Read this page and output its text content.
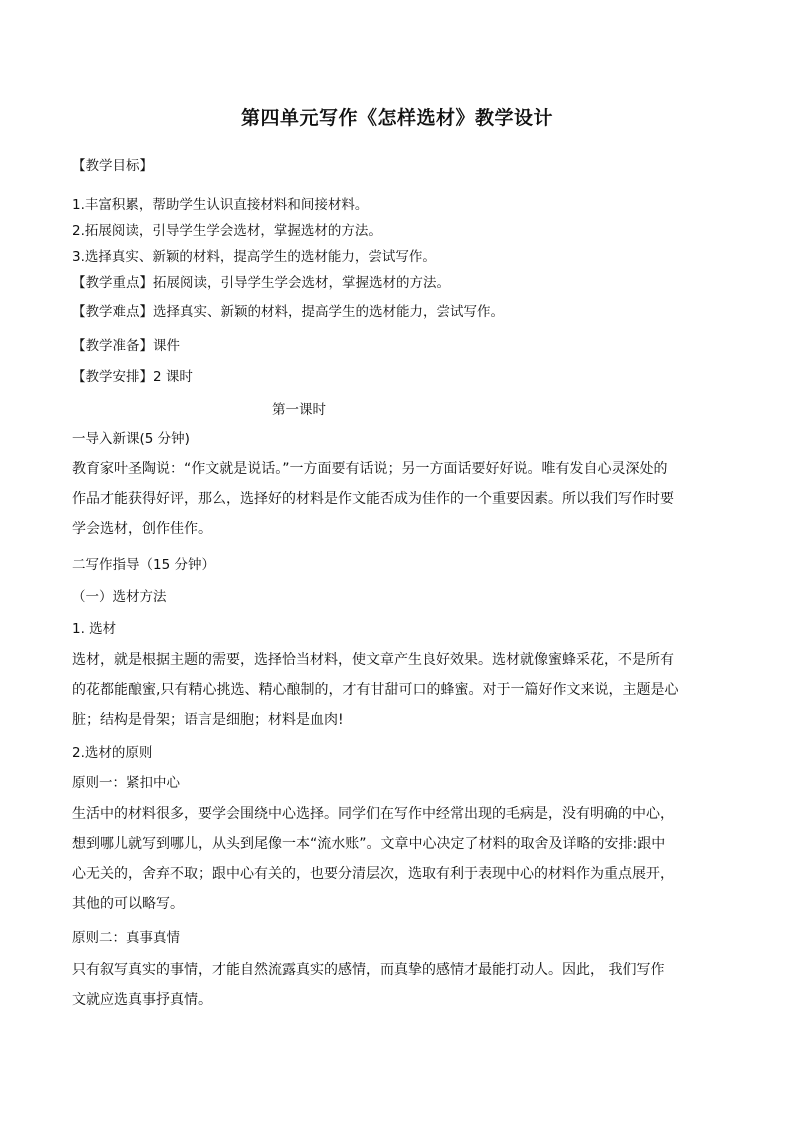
第四单元写作《怎样选材》教学设计
【教学目标】
1.丰富积累，帮助学生认识直接材料和间接材料。
2.拓展阅读，引导学生学会选材，掌握选材的方法。
3.选择真实、新颖的材料，提高学生的选材能力，尝试写作。
【教学重点】拓展阅读，引导学生学会选材，掌握选材的方法。
【教学难点】选择真实、新颖的材料，提高学生的选材能力，尝试写作。
【教学准备】课件
【教学安排】2 课时
第一课时
一导入新课(5 分钟)
教育家叶圣陶说：“作文就是说话。”一方面要有话说；另一方面话要好好说。唯有发自心灵深处的
作品才能获得好评，那么，选择好的材料是作文能否成为佳作的一个重要因素。所以我们写作时要
学会选材，创作佳作。
二写作指导（15 分钟）
（一）选材方法
1. 选材
选材，就是根据主题的需要，选择恰当材料，使文章产生良好效果。选材就像蜜蜂采花，不是所有
的花都能酿蜜,只有精心挑选、精心酿制的，才有甘甜可口的蜂蜜。对于一篇好作文来说，主题是心
脏；结构是骨架；语言是细胞；材料是血肉!
2.选材的原则
原则一：紧扣中心
生活中的材料很多，要学会围绕中心选择。同学们在写作中经常出现的毛病是，没有明确的中心，
想到哪儿就写到哪儿，从头到尾像一本“流水账”。文章中心决定了材料的取舍及详略的安排:跟中
心无关的，舍弃不取；跟中心有关的，也要分清层次，选取有利于表现中心的材料作为重点展开，
其他的可以略写。
原则二：真事真情
只有叙写真实的事情，才能自然流露真实的感情，而真挚的感情才最能打动人。因此， 我们写作
文就应选真事抒真情。
